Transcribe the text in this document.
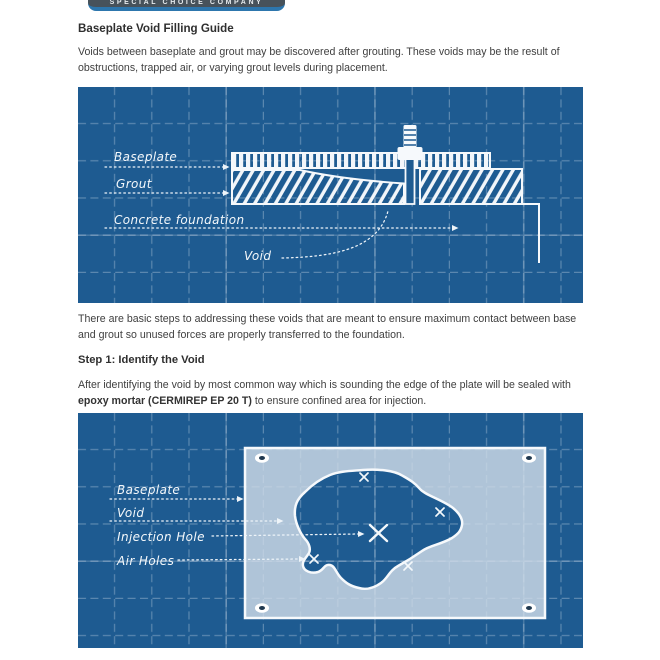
SPECIAL CHOICE COMPANY
Baseplate Void Filling Guide
Voids between baseplate and grout may be discovered after grouting. These voids may be the result of obstructions, trapped air, or varying grout levels during placement.
Baseplate
Grout
Concrete foundation
Void
There are basic steps to addressing these voids that are meant to ensure maximum contact between base and grout so unused forces are properly transferred to the foundation.
Step 1: Identify the Void
After identifying the void by most common way which is sounding the edge of the plate will be sealed with epoxy mortar (CERMIREP EP 20 T) to ensure confined area for injection.
Baseplate
Void
Injection Hole
Air Holes
